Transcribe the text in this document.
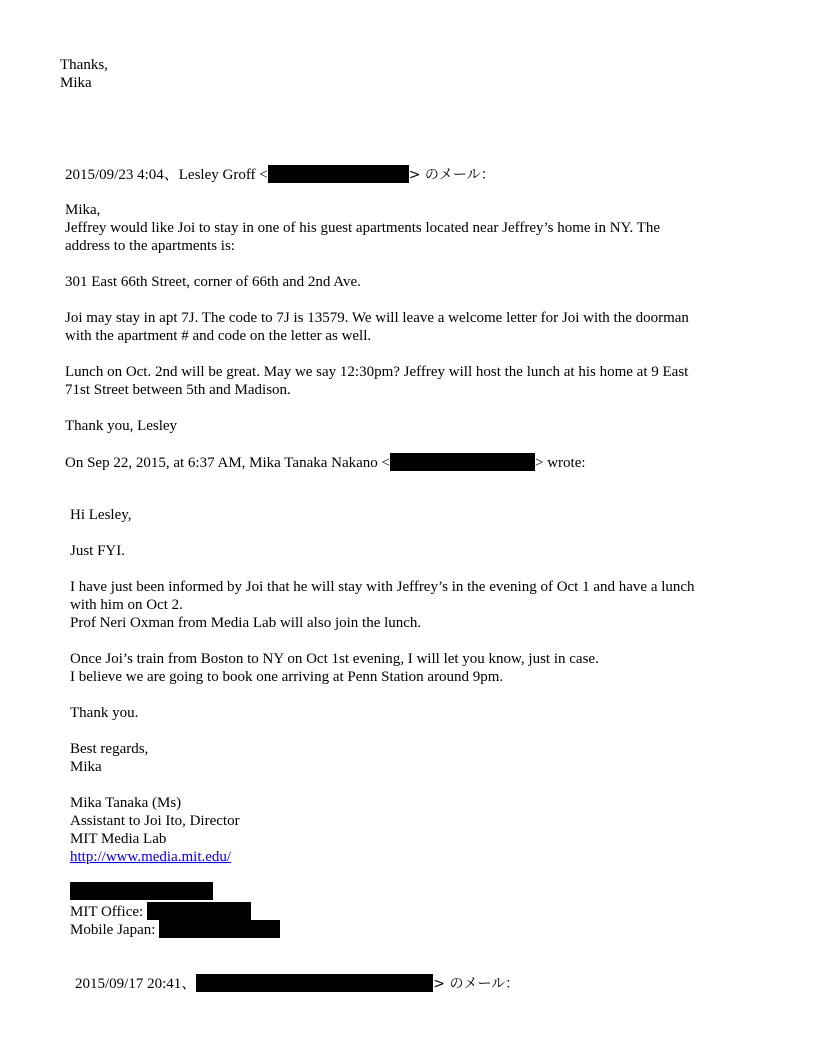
Thanks,
Mika
2015/09/23 4:04、Lesley Groff <	> のメール：
Mika,
Jeffrey would like Joi to stay in one of his guest apartments located near Jeffrey’s home in NY. The
address to the apartments is:
301 East 66th Street, corner of 66th and 2nd Ave.
Joi may stay in apt 7J. The code to 7J is 13579. We will leave a welcome letter for Joi with the doorman
with the apartment # and code on the letter as well.
Lunch on Oct. 2nd will be great. May we say 12:30pm? Jeffrey will host the lunch at his home at 9 East
71st Street between 5th and Madison.
Thank you, Lesley
On Sep 22, 2015, at 6:37 AM, Mika Tanaka Nakano <	> wrote:
Hi Lesley,
Just FYI.
I have just been informed by Joi that he will stay with Jeffrey’s in the evening of Oct 1 and have a lunch
with him on Oct 2.
Prof Neri Oxman from Media Lab will also join the lunch.
Once Joi’s train from Boston to NY on Oct 1st evening, I will let you know, just in case.
I believe we are going to book one arriving at Penn Station around 9pm.
Thank you.
Best regards,
Mika
Mika Tanaka (Ms)
Assistant to Joi Ito, Director
MIT Media Lab
http://www.media.mit.edu/
MIT Office:
Mobile Japan:
2015/09/17 20:41、	> のメール：
